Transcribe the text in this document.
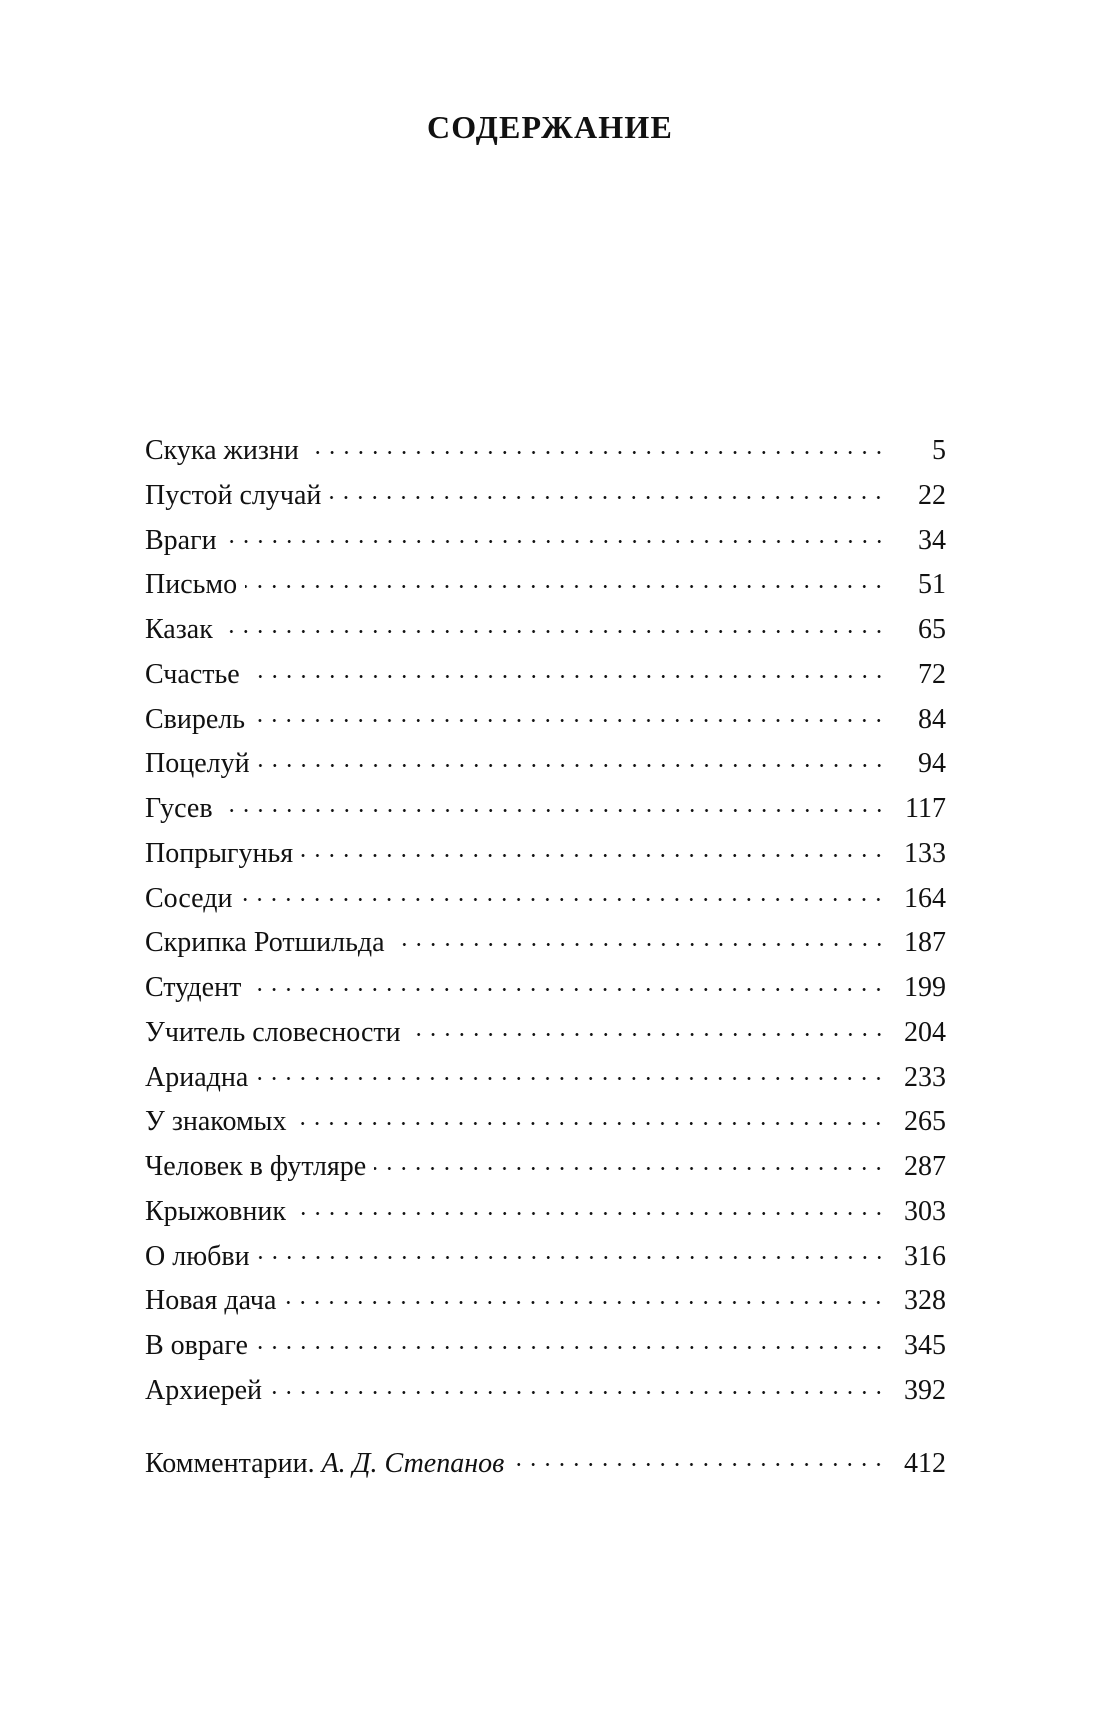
СОДЕРЖАНИЕ
Скука жизни	5
Пустой случай	22
Враги	34
Письмо	51
Казак	65
Счастье	72
Свирель	84
Поцелуй	94
Гусев	117
Попрыгунья	133
Соседи	164
Скрипка Ротшильда	187
Студент	199
Учитель словесности	204
Ариадна	233
У знакомых	265
Человек в футляре	287
Крыжовник	303
О любви	316
Новая дача	328
В овраге	345
Архиерей	392
Комментарии. А. Д. Степанов	412
